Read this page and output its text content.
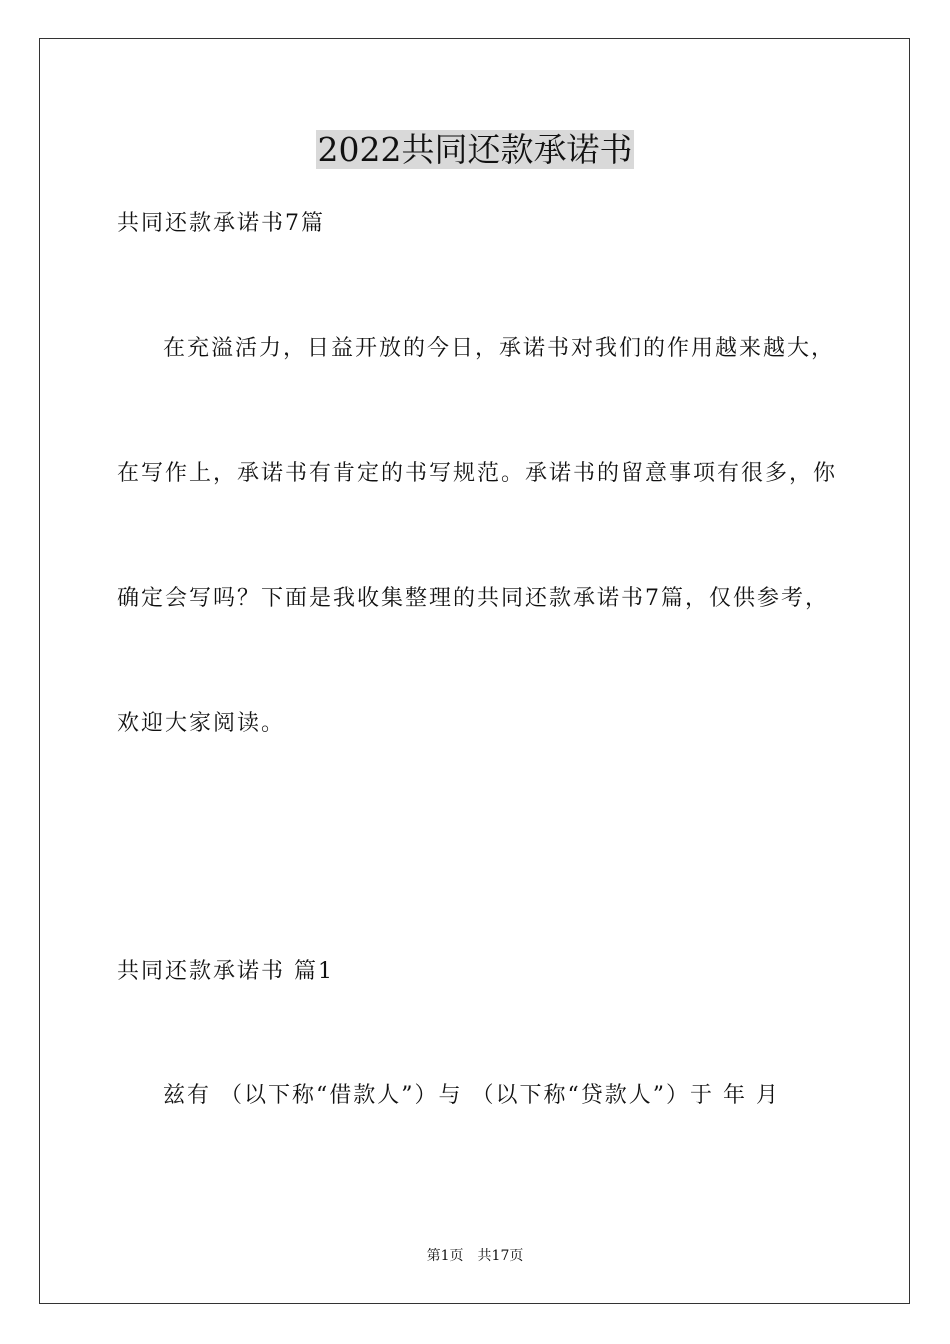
2022共同还款承诺书
共同还款承诺书7篇
在充溢活力，日益开放的今日，承诺书对我们的作用越来越大，
在写作上，承诺书有肯定的书写规范。承诺书的留意事项有很多，你
确定会写吗？下面是我收集整理的共同还款承诺书7篇，仅供参考，
欢迎大家阅读。
共同还款承诺书 篇1
兹有 （以下称“借款人”）与 （以下称“贷款人”）于 年 月
第1页　共17页
